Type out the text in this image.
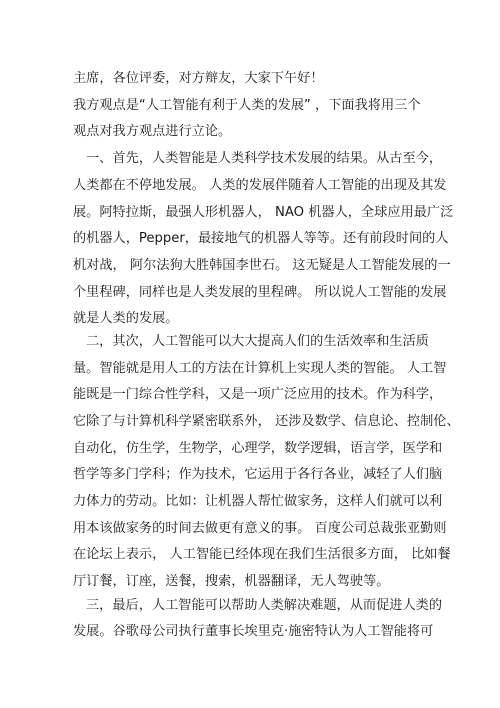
主席，各位评委，对方辩友，大家下午好！
我方观点是“人工智能有利于人类的发展” ，下面我将用三个
观点对我方观点进行立论。
一、首先，人类智能是人类科学技术发展的结果。从古至今，
人类都在不停地发展。 人类的发展伴随着人工智能的出现及其发
展。阿特拉斯，最强人形机器人， NAO 机器人，全球应用最广泛
的机器人，Pepper，最接地气的机器人等等。还有前段时间的人
机对战， 阿尔法狗大胜韩国李世石。 这无疑是人工智能发展的一
个里程碑，同样也是人类发展的里程碑。 所以说人工智能的发展
就是人类的发展。
二，其次，人工智能可以大大提高人们的生活效率和生活质
量。智能就是用人工的方法在计算机上实现人类的智能。 人工智
能既是一门综合性学科，又是一项广泛应用的技术。作为科学，
它除了与计算机科学紧密联系外， 还涉及数学、信息论、控制伦、
自动化，仿生学，生物学，心理学，数学逻辑，语言学，医学和
哲学等多门学科；作为技术，它运用于各行各业，减轻了人们脑
力体力的劳动。比如：让机器人帮忙做家务，这样人们就可以利
用本该做家务的时间去做更有意义的事。 百度公司总裁张亚勤则
在论坛上表示， 人工智能已经体现在我们生活很多方面， 比如餐
厅订餐，订座，送餐，搜索，机器翻译，无人驾驶等。
三，最后，人工智能可以帮助人类解决难题，从而促进人类的
发展。谷歌母公司执行董事长埃里克·施密特认为人工智能将可
